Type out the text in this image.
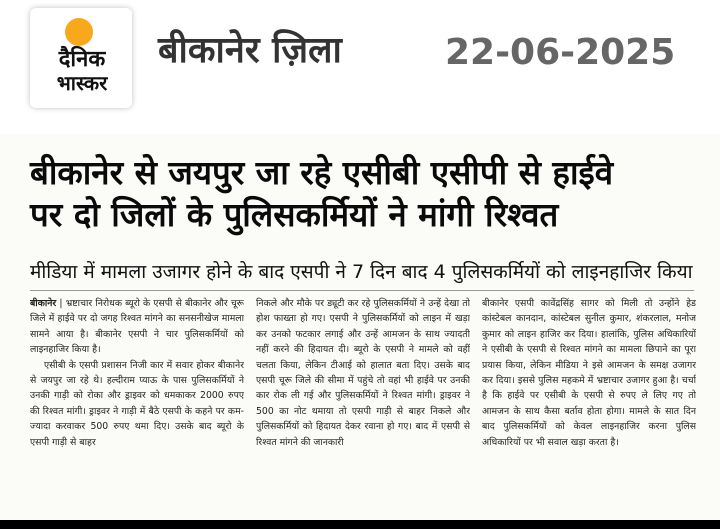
दैनिक
भास्कर
बीकानेर ज़िला	22-06-2025
बीकानेर से जयपुर जा रहे एसीबी एसीपी से हाईवे
पर दो जिलों के पुलिसकर्मियों ने मांगी रिश्वत
मीडिया में मामला उजागर होने के बाद एसपी ने 7 दिन बाद 4 पुलिसकर्मियों को लाइनहाजिर किया

बीकानेर | भ्रष्टाचार निरोधक ब्यूरो के एसपी से बीकानेर और चूरू जिले में हाईवे पर दो जगह रिश्वत मांगने का सनसनीखेज मामला सामने आया है। बीकानेर एसपी ने चार पुलिसकर्मियों को लाइनहाजिर किया है।

एसीबी के एसपी प्रशासन निजी कार में सवार होकर बीकानेर से जयपुर जा रहे थे। हल्दीराम प्याऊ के पास पुलिसकर्मियों ने उनकी गाड़ी को रोका और ड्राइवर को धमकाकर 2000 रुपए की रिश्वत मांगी। ड्राइवर ने गाड़ी में बैठे एसपी के कहने पर कम-ज्यादा करवाकर 500 रुपए थमा दिए। उसके बाद ब्यूरो के एसपी गाड़ी से बाहर

निकले और मौके पर ड्यूटी कर रहे पुलिसकर्मियों ने उन्हें देखा तो होश फाख्ता हो गए। एसपी ने पुलिसकर्मियों को लाइन में खड़ा कर उनको फटकार लगाई और उन्हें आमजन के साथ ज्यादती नहीं करने की हिदायत दी। ब्यूरो के एसपी ने मामले को वहीं चलता किया, लेकिन टीआई को हालात बता दिए। उसके बाद एसपी चूरू जिले की सीमा में पहुंचे तो वहां भी हाईवे पर उनकी कार रोक ली गई और पुलिसकर्मियों ने रिश्वत मांगी। ड्राइवर ने 500 का नोट थमाया तो एसपी गाड़ी से बाहर निकले और पुलिसकर्मियों को हिदायत देकर रवाना हो गए। बाद में एसपी से रिश्वत मांगने की जानकारी

बीकानेर एसपी कावेंद्रसिंह सागर को मिली तो उन्होंने हेड कांस्टेबल कानदान, कांस्टेबल सुनील कुमार, शंकरलाल, मनोज कुमार को लाइन हाजिर कर दिया। हालांकि, पुलिस अधिकारियों ने एसीबी के एसपी से रिश्वत मांगने का मामला छिपाने का पूरा प्रयास किया, लेकिन मीडिया ने इसे आमजन के समक्ष उजागर कर दिया। इससे पुलिस महकमे में भ्रष्टाचार उजागर हुआ है। चर्चा है कि हाईवे पर एसीबी के एसपी से रुपए ले लिए गए तो आमजन के साथ कैसा बर्ताव होता होगा। मामले के सात दिन बाद पुलिसकर्मियों को केवल लाइनहाजिर करना पुलिस अधिकारियों पर भी सवाल खड़ा करता है।
